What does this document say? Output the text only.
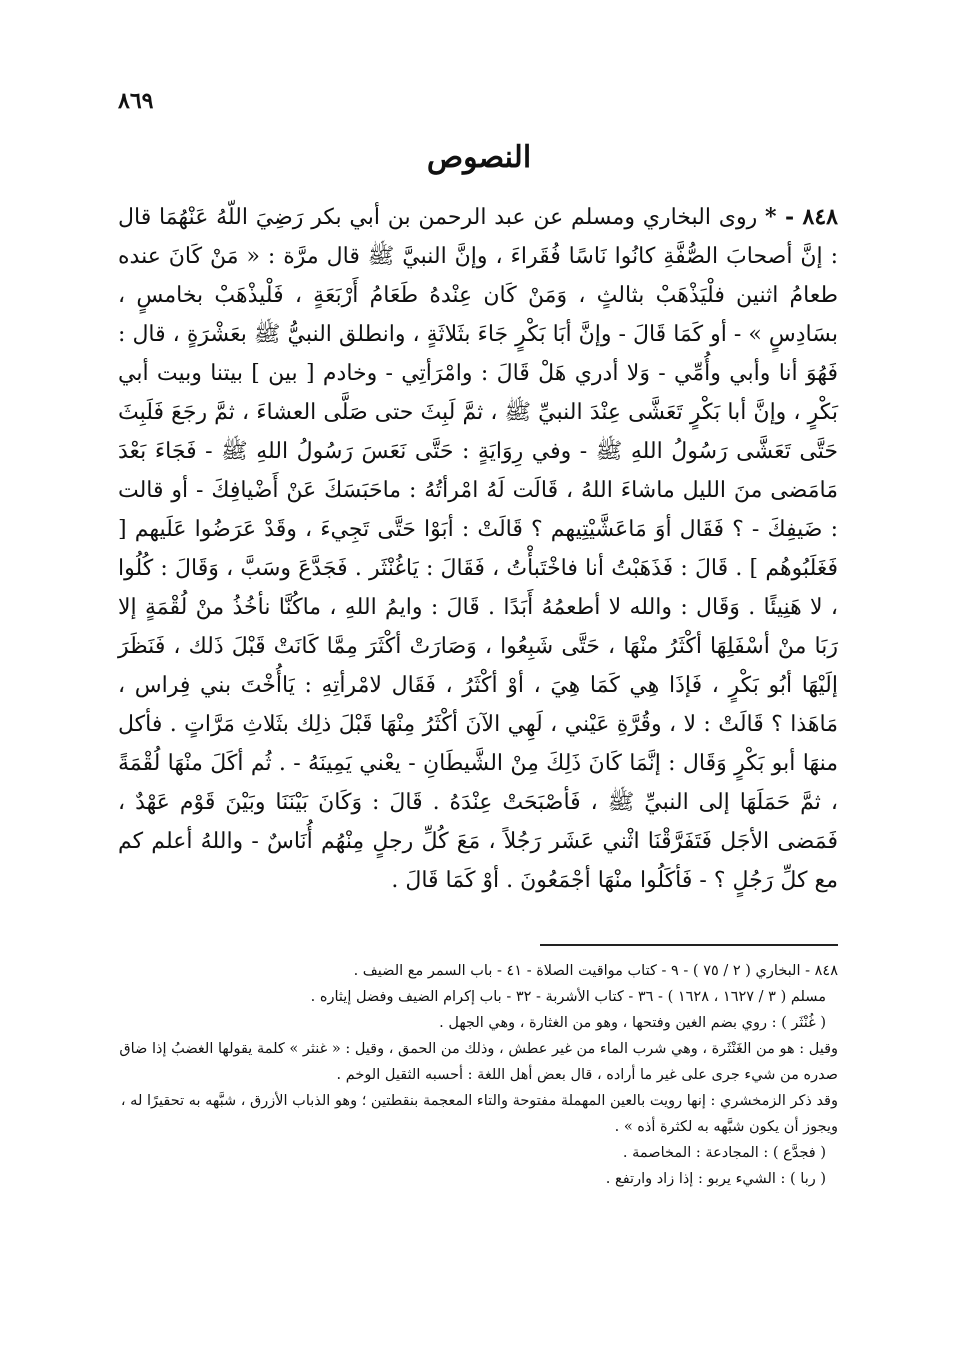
٨٦٩
النصوص
٨٤٨ - * روى البخاري ومسلم عن عبد الرحمن بن أبي بكر رَضِيَ اللّهُ عَنْهُمَا قال : إنَّ أصحابَ الصُّفَّةِ كانُوا نَاسًا فُقَراءَ ، وإنَّ النبيَّ ﷺ قال مرَّة : « مَنْ كَانَ عنده طعامُ اثنين فلْيَذْهَبْ بثالثٍ ، وَمَنْ كَان عِنْدهُ طَعَامُ أَرْبَعَةٍ ، فَلْيذْهَبْ بخامسٍ ، بسَادِسٍ » - أو كَمَا قَالَ - وإنَّ أبَا بَكْرٍ جَاءَ بثَلاثَةٍ ، وانطلق النبيُّ ﷺ بعَشْرَةٍ ، قال : فَهُوَ أنا وأبي وأُمِّي - وَلا أدري هَلْ قَالَ : وامْرَأتِي - وخادم [ بين ] بيتنا وبيت أبي بَكْرٍ ، وإنَّ أبا بَكْرٍ تَعَشَّى عِنْدَ النبيِّ ﷺ ، ثمَّ لَبِثَ حتى صَلَّى العشاءَ ، ثمَّ رجَعَ فَلَبِثَ حَتَّى تَعَشَّى رَسُولُ اللهِ ﷺ - وفي رِوَايَةٍ : حَتَّى نَعَسَ رَسُولُ اللهِ ﷺ - فَجَاءَ بَعْدَ مَامَضى منَ الليل ماشاءَ اللهُ ، قَالَت لَهُ امْرأتُهُ : ماحَبَسَكَ عَنْ أَضْيافِكَ - أو قالت : ضَيفِكَ - ؟ فَقَال أوَ مَاعَشَّيْتِيهم ؟ قَالَتْ : أبَوْا حَتَّى تَجِيءَ ، وقَدْ عَرَضُوا عَلَيهم [ فَغَلَبُوهُم ] . قَالَ : فَذَهَبْتُ أنا فاخْتَبأْتُ ، فَقَالَ : يَاغُنْثَر . فَجَدَّعَ وسَبَّ ، وَقَالَ : كُلُوا ، لا هَنِيئًا . وَقَال : والله لا أطعمُهُ أَبَدًا . قَالَ : وايمُ اللهِ ، ماكُنَّا نأخُذُ منْ لُقْمَةٍ إلا رَبَا منْ أسْفَلِهَا أكْثَرُ منْهَا ، حَتَّى شَبِعُوا ، وَصَارَتْ أكْثَرَ مِمَّا كَانَتْ قَبْلَ ذَلك ، فَنَظَرَ إلَيْهَا أبُو بَكْرٍ ، فَإذَا هِي كَمَا هِيَ ، أوْ أكْثَرُ ، فَقَال لامْرأتِهِ : يَاأُخْتَ بني فِراس ، مَاهَذا ؟ قَالَتْ : لا ، وقُرَّةِ عَيْني ، لَهِي الآنَ أكْثَرُ مِنْهَا قَبْلَ ذلِك بثَلاثِ مَرَّاتٍ . فأكل منهَا أبو بَكْرٍ وَقَال : إنَّمَا كَانَ ذَلِكَ مِنْ الشَّيطَانِ - يعْني يَمِينَهُ - . ثُم أكَلَ منْهَا لُقْمَةً ، ثمَّ حَمَلَهَا إلى النبيِّ ﷺ ، فَأصْبَحَتْ عِنْدَهُ . قَالَ : وَكَانَ بَيْنَنَا وبَيْنَ قَوْم عَهْدٌ ، فَمَضى الأجَل فَتَفَرَّقْنَا اثْني عَشَر رَجُلاً ، مَعَ كُلِّ رجلٍ مِنْهُم أُنَاسٌ - واللهُ أعلم كم مع كلِّ رَجُلٍ ؟ - فَأكَلُوا منْهَا أجْمَعُونَ . أوْ كَمَا قَالَ .

٨٤٨ - البخاري ( ٢ / ٧٥ ) - ٩ - كتاب مواقيت الصلاة - ٤١ - باب السمر مع الضيف .

مسلم ( ٣ / ١٦٢٧ ، ١٦٢٨ ) - ٣٦ - كتاب الأشربة - ٣٢ - باب إكرام الضيف وفضل إيثاره .

( غُنْثَر ) : روي بضم الغين وفتحها ، وهو من الغثارة ، وهي الجهل .

وقيل : هو من الغَنْثَرة ، وهي شرب الماء من غير عطش ، وذلك من الحمق ، وقيل : « غنثر » كلمة يقولها الغضبُ إذا ضاق صدره من شيء جرى على غير ما أراده ، قال بعض أهل اللغة : أحسبه الثقيل الوخم .

وقد ذكر الزمخشري : إنها رويت بالعين المهملة مفتوحة والتاء المعجمة بنقطتين ؛ وهو الذباب الأزرق ، شبَّهه به تحقيرًا له ، ويجوز أن يكون شبَّهه به لكثرة أذه » .

( فجدَّع ) : المجادعة : المخاصمة .

( ربا ) : الشيء يربو : إذا زاد وارتفع .
